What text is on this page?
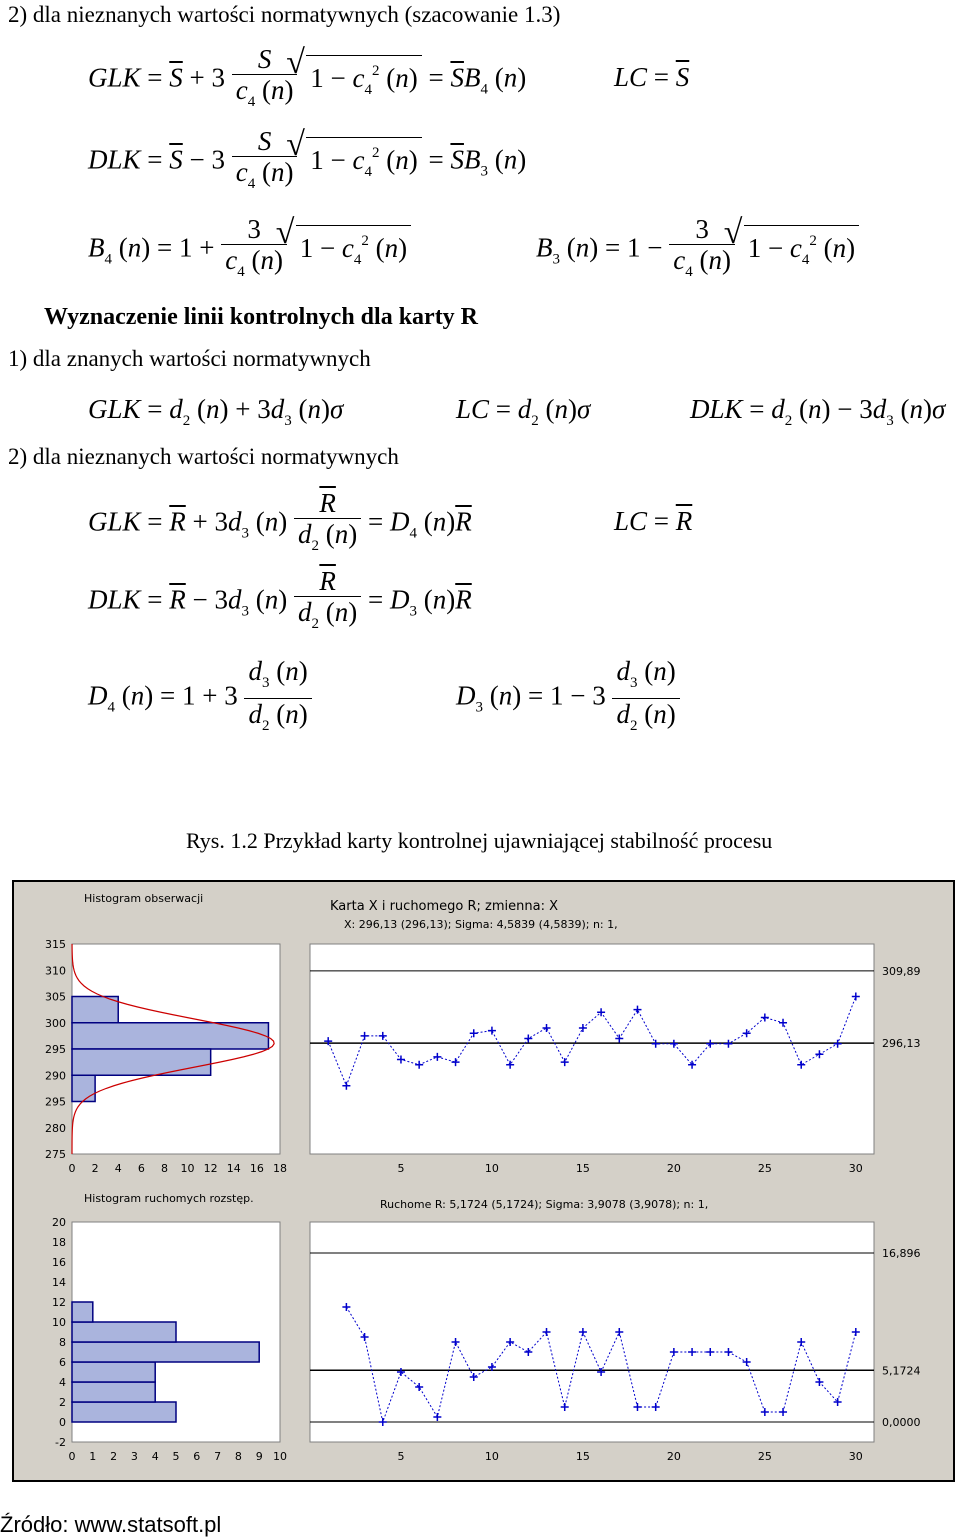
2) dla nieznanych wartości normatywnych (szacowanie 1.3)
GLK = $\overline{S} + 3 \frac{S}{c_4 (n)}$ √ $1 - c_4^2$ $(n) = \overline{S}B_4$ (n)	LC = $\overline{S}$
DLK = $\overline{S} - 3 \frac{S}{c_4 (n)}$ √ $1 - c_4^2$ $(n) = \overline{S}B_3$ (n)
$B_4$ $(n) = 1 + \frac{3}{c_4 (n)}$ √ $1 - c_4^2$ (n)	$B_3$ $(n) = 1 - \frac{3}{c_4 (n)}$ √ $1 - c_4^2$ (n)
Wyznaczenie linii kontrolnych dla karty R
1) dla znanych wartości normatywnych
GLK = $d_2$ $(n) + 3d_3$ (n)σ	LC = $d_2$ (n)σ	DLK = $d_2$ $(n) - 3d_3$ (n)σ
2) dla nieznanych wartości normatywnych
GLK = $\overline{R} + 3d_3$ $(n) \frac{\overline{R}}{d_2 (n)} = D_4$ $(n)\overline{R}$	LC = $\overline{R}$
DLK = $\overline{R} - 3d_3$ $(n) \frac{\overline{R}}{d_2 (n)} = D_3$ $(n)\overline{R}$
$D_4$ $(n) = 1 + 3 \frac{d_3 (n)}{d_2 (n)}$	$D_3$ $(n) = 1 - 3 \frac{d_3 (n)}{d_2 (n)}$
Rys. 1.2 Przykład karty kontrolnej ujawniającej stabilność procesu
Histogram obserwacji
Karta X i ruchomego R; zmienna: X
X: 296,13 (296,13); Sigma: 4,5839 (4,5839); n: 1,
315
310
305
300
295
290
295
280
275
0 2 4 6 8 10 12 14 16 18	5	10	15	20	25	30
309,89
296,13
Histogram ruchomych rozstęp.	Ruchome R: 5,1724 (5,1724); Sigma: 3,9078 (3,9078); n: 1,
20
18
16
14
12
10
8
6
4
2
0
-2
0 1 2 3 4 5 6 7 8 9 10	5	10	15	20	25	30
16,896
5,1724
0,0000
Źródło: www.statsoft.pl
